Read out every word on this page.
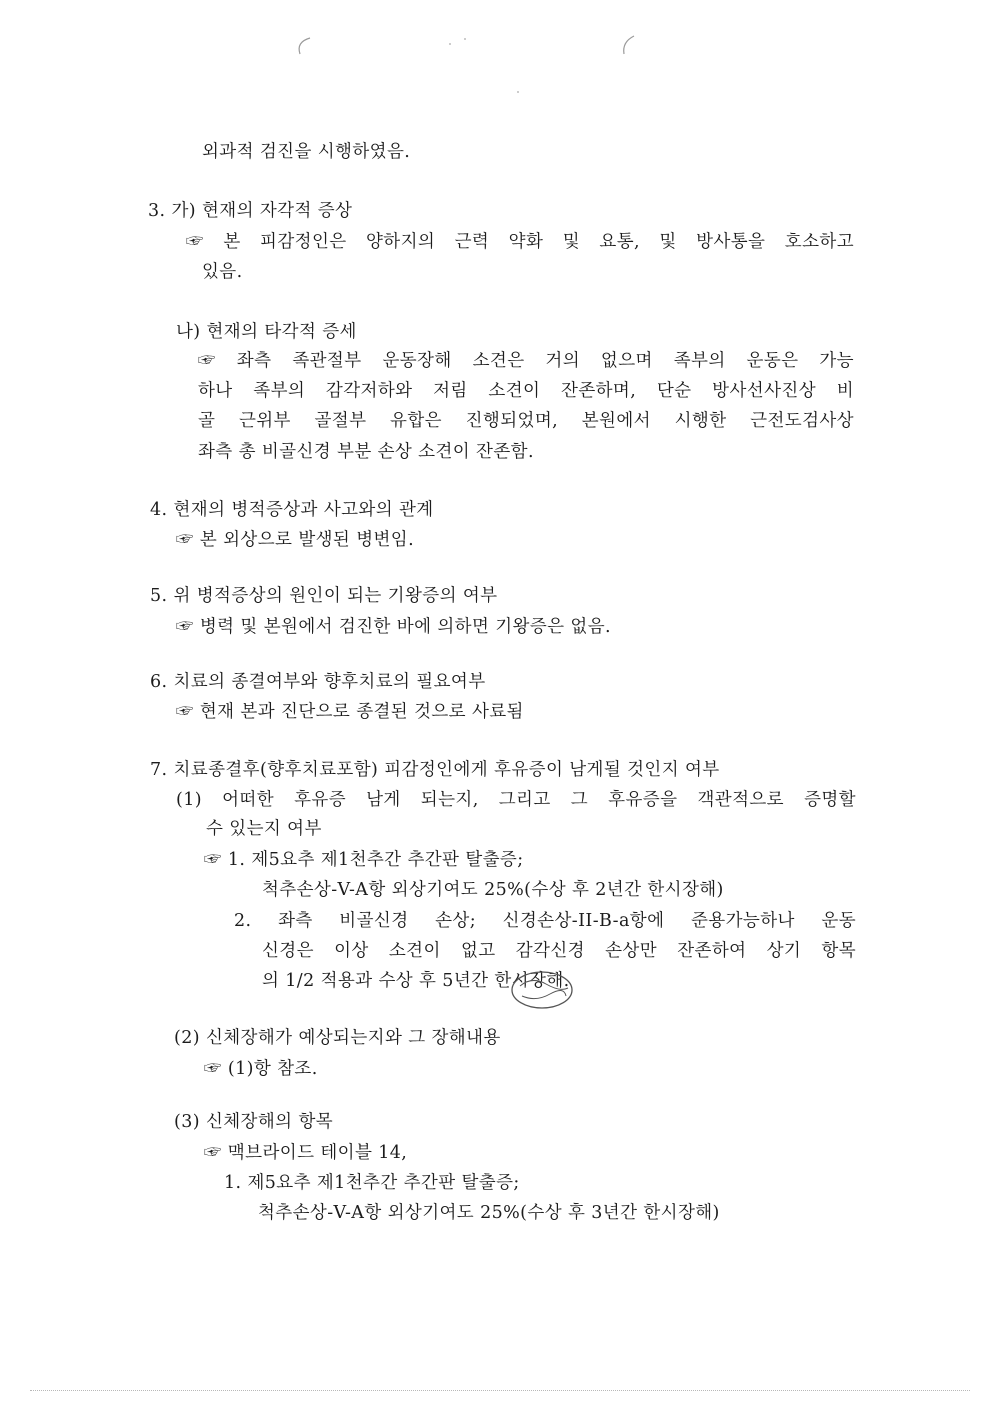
외과적 검진을 시행하였음.
3. 가) 현재의 자각적 증상
☞ 본 피감정인은 양하지의 근력 약화 및 요통, 및 방사통을 호소하고
있음.
나) 현재의 타각적 증세
☞ 좌측 족관절부 운동장해 소견은 거의 없으며 족부의 운동은 가능
하나 족부의 감각저하와 저림 소견이 잔존하며, 단순 방사선사진상 비
골 근위부 골절부 유합은 진행되었며, 본원에서 시행한 근전도검사상
좌측 총 비골신경 부분 손상 소견이 잔존함.
4. 현재의 병적증상과 사고와의 관계
☞ 본 외상으로 발생된 병변임.
5. 위 병적증상의 원인이 되는 기왕증의 여부
☞ 병력 및 본원에서 검진한 바에 의하면 기왕증은 없음.
6. 치료의 종결여부와 향후치료의 필요여부
☞ 현재 본과 진단으로 종결된 것으로 사료됨
7. 치료종결후(향후치료포함) 피감정인에게 후유증이 남게될 것인지 여부
(1) 어떠한 후유증 남게 되는지, 그리고 그 후유증을 객관적으로 증명할
수 있는지 여부
☞ 1. 제5요추 제1천추간 추간판 탈출증;
척추손상-V-A항 외상기여도 25%(수상 후 2년간 한시장해)
2. 좌측 비골신경 손상; 신경손상-II-B-a항에 준용가능하나 운동
신경은 이상 소견이 없고 감각신경 손상만 잔존하여 상기 항목
의 1/2 적용과 수상 후 5년간 한시장해.
(2) 신체장해가 예상되는지와 그 장해내용
☞ (1)항 참조.
(3) 신체장해의 항목
☞ 맥브라이드 테이블 14,
1. 제5요추 제1천추간 추간판 탈출증;
척추손상-V-A항 외상기여도 25%(수상 후 3년간 한시장해)
